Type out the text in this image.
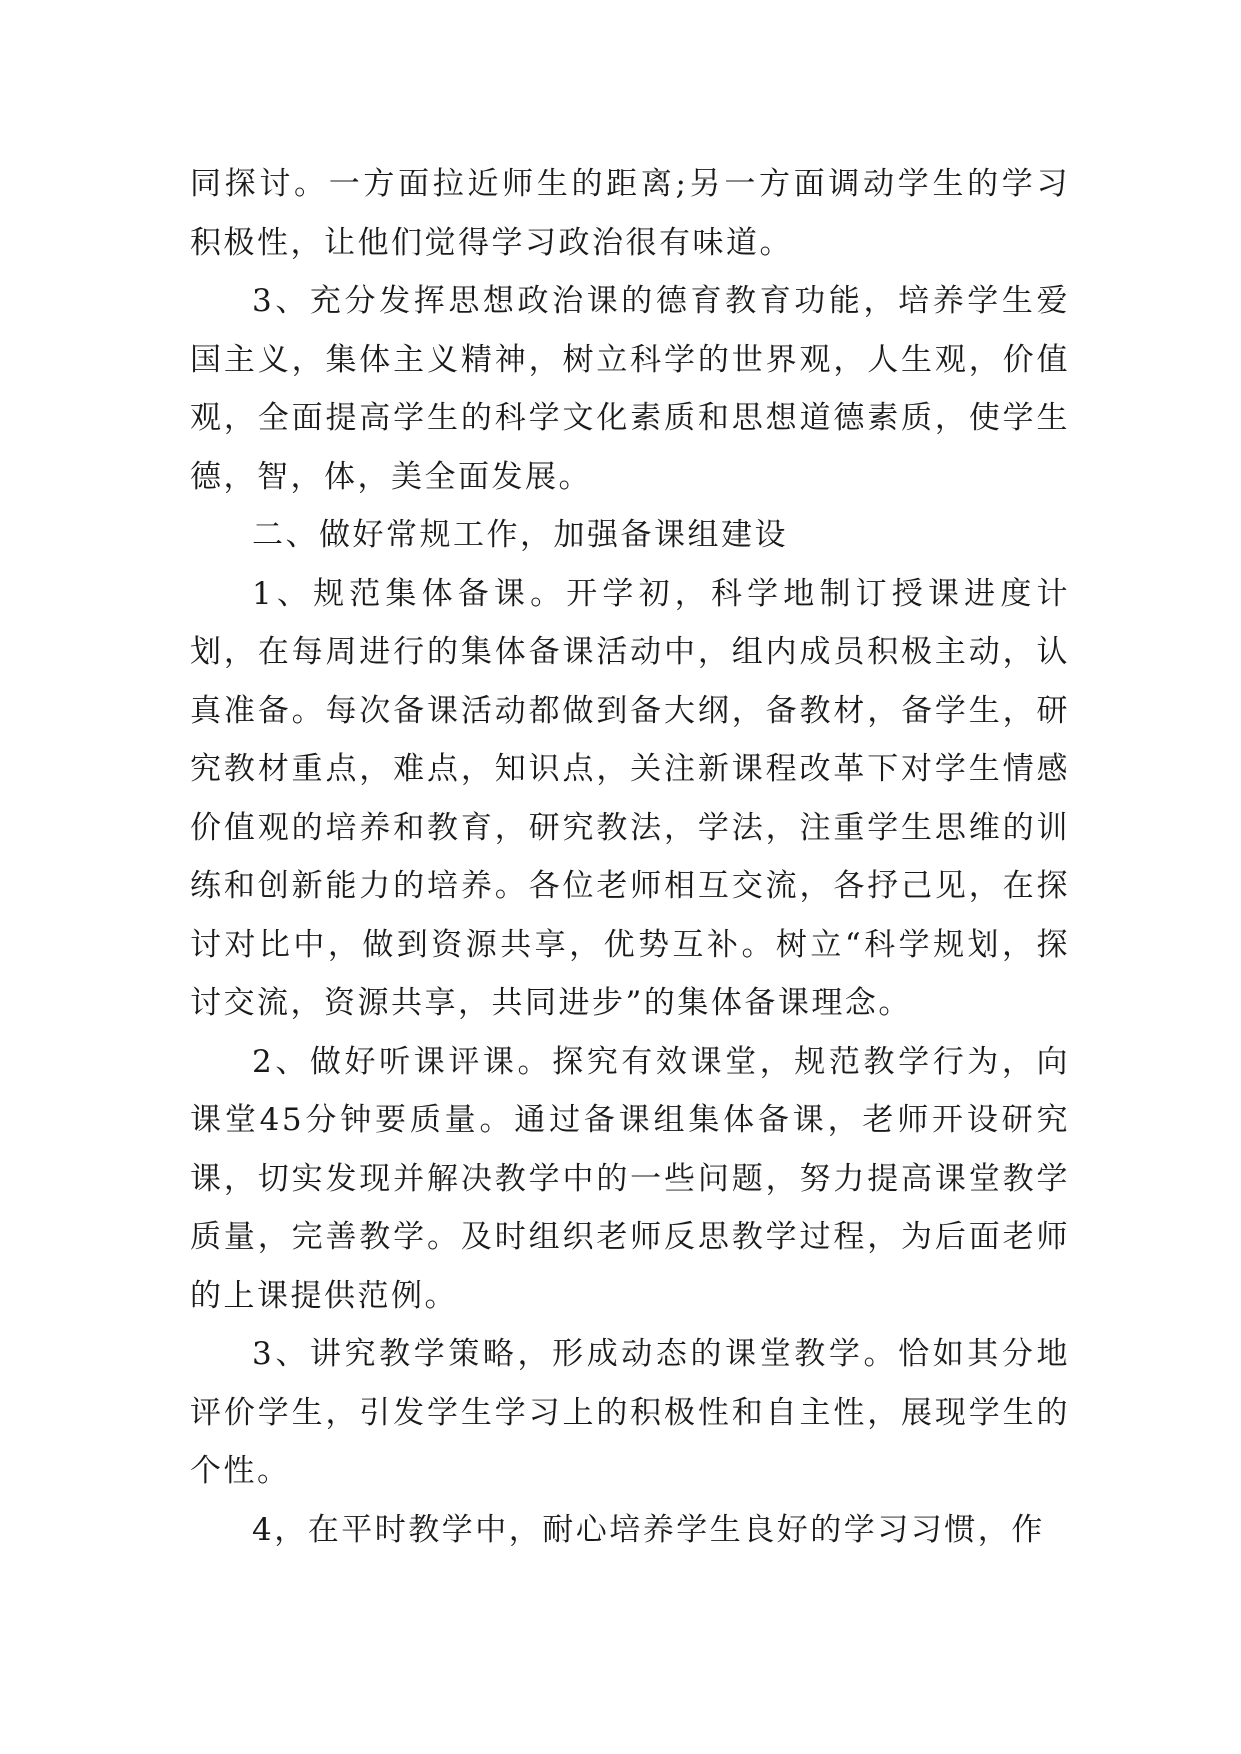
同探讨。一方面拉近师生的距离;另一方面调动学生的学习积极性，让他们觉得学习政治很有味道。

3、充分发挥思想政治课的德育教育功能，培养学生爱国主义，集体主义精神，树立科学的世界观，人生观，价值观，全面提高学生的科学文化素质和思想道德素质，使学生德，智，体，美全面发展。

二、做好常规工作，加强备课组建设

1、规范集体备课。开学初，科学地制订授课进度计划，在每周进行的集体备课活动中，组内成员积极主动，认真准备。每次备课活动都做到备大纲，备教材，备学生，研究教材重点，难点，知识点，关注新课程改革下对学生情感价值观的培养和教育，研究教法，学法，注重学生思维的训练和创新能力的培养。各位老师相互交流，各抒己见，在探讨对比中，做到资源共享，优势互补。树立“科学规划，探讨交流，资源共享，共同进步”的集体备课理念。

2、做好听课评课。探究有效课堂，规范教学行为，向课堂45分钟要质量。通过备课组集体备课，老师开设研究课，切实发现并解决教学中的一些问题，努力提高课堂教学质量，完善教学。及时组织老师反思教学过程，为后面老师的上课提供范例。

3、讲究教学策略，形成动态的课堂教学。恰如其分地评价学生，引发学生学习上的积极性和自主性，展现学生的个性。

4，在平时教学中，耐心培养学生良好的学习习惯，作
